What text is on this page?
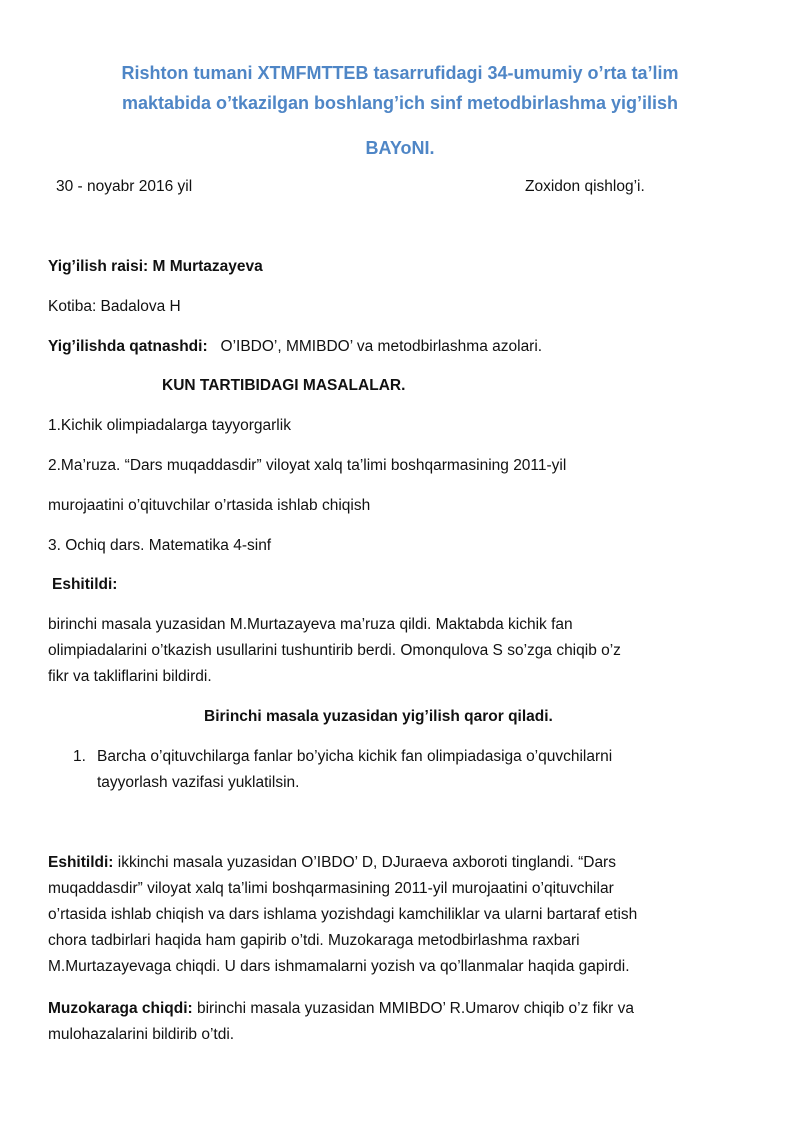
Rishton tumani XTMFMTTEB tasarrufidagi 34-umumiy o’rta ta’lim
maktabida o’tkazilgan boshlang’ich sinf metodbirlashma yig’ilish
BAYoNI.
30 - noyabr 2016 yil	Zoxidon qishlog’i.
Yig’ilish raisi: M Murtazayeva
Kotiba: Badalova H
Yig’ilishda qatnashdi: O’IBDO’, MMIBDO’ va metodbirlashma azolari.
KUN TARTIBIDAGI MASALALAR.
1.Kichik olimpiadalarga tayyorgarlik
2.Ma’ruza. “Dars muqaddasdir” viloyat xalq ta’limi boshqarmasining 2011-yil
murojaatini o’qituvchilar o’rtasida ishlab chiqish
3. Ochiq dars. Matematika 4-sinf
Eshitildi:
birinchi masala yuzasidan M.Murtazayeva ma’ruza qildi. Maktabda kichik fan
olimpiadalarini o’tkazish usullarini tushuntirib berdi. Omonqulova S so’zga chiqib o’z
fikr va takliflarini bildirdi.
Birinchi masala yuzasidan yig’ilish qaror qiladi.
1. Barcha o’qituvchilarga fanlar bo’yicha kichik fan olimpiadasiga o’quvchilarni
tayyorlash vazifasi yuklatilsin.
Eshitildi: ikkinchi masala yuzasidan O’IBDO’ D, DJuraeva axboroti tinglandi. “Dars
muqaddasdir” viloyat xalq ta’limi boshqarmasining 2011-yil murojaatini o’qituvchilar
o’rtasida ishlab chiqish va dars ishlama yozishdagi kamchiliklar va ularni bartaraf etish
chora tadbirlari haqida ham gapirib o’tdi. Muzokaraga metodbirlashma raxbari
M.Murtazayevaga chiqdi. U dars ishmamalarni yozish va qo’llanmalar haqida gapirdi.
Muzokaraga chiqdi: birinchi masala yuzasidan MMIBDO’ R.Umarov chiqib o’z fikr va
mulohazalarini bildirib o’tdi.
